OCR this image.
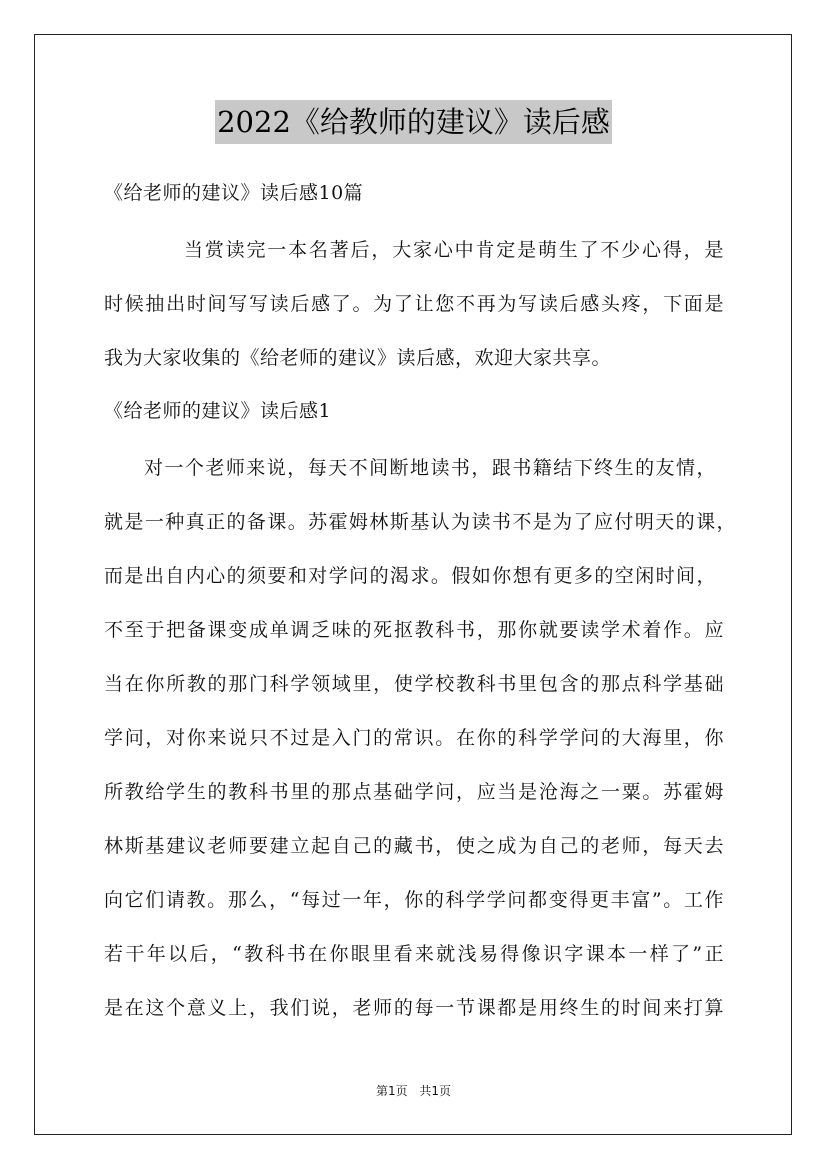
2022《给教师的建议》读后感
《给老师的建议》读后感10篇
当赏读完一本名著后，大家心中肯定是萌生了不少心得，是
时候抽出时间写写读后感了。为了让您不再为写读后感头疼，下面是
我为大家收集的《给老师的建议》读后感，欢迎大家共享。
《给老师的建议》读后感1
对一个老师来说，每天不间断地读书，跟书籍结下终生的友情，
就是一种真正的备课。苏霍姆林斯基认为读书不是为了应付明天的课，
而是出自内心的须要和对学问的渴求。假如你想有更多的空闲时间，
不至于把备课变成单调乏味的死抠教科书，那你就要读学术着作。应
当在你所教的那门科学领域里，使学校教科书里包含的那点科学基础
学问，对你来说只不过是入门的常识。在你的科学学问的大海里，你
所教给学生的教科书里的那点基础学问，应当是沧海之一粟。苏霍姆
林斯基建议老师要建立起自己的藏书，使之成为自己的老师，每天去
向它们请教。那么，“每过一年，你的科学学问都变得更丰富”。工作
若干年以后，“教科书在你眼里看来就浅易得像识字课本一样了”正
是在这个意义上，我们说，老师的每一节课都是用终生的时间来打算
第1页 共1页
